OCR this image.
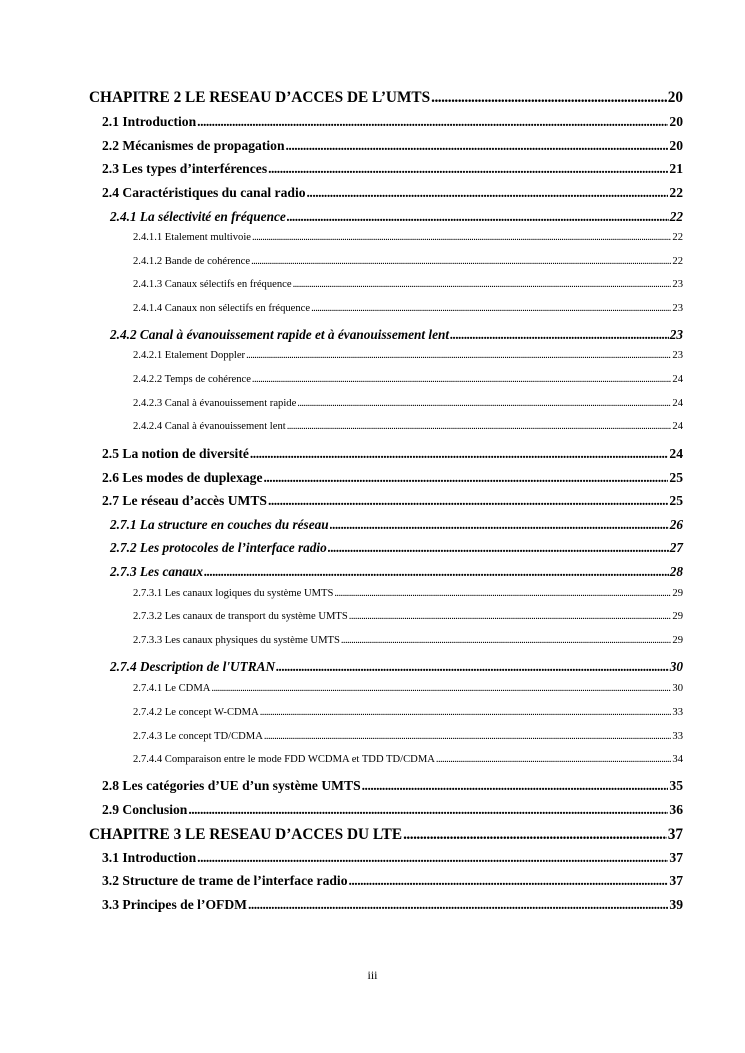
CHAPITRE 2 LE RESEAU D’ACCES DE L’UMTS .....	20
2.1 Introduction .....	20
2.2 Mécanismes de propagation .....	20
2.3 Les types d’interférences .....	21
2.4 Caractéristiques du canal radio .....	22
2.4.1 La sélectivité en fréquence .....	22
2.4.1.1 Etalement multivoie .....	22
2.4.1.2 Bande de cohérence .....	22
2.4.1.3 Canaux sélectifs en fréquence .....	23
2.4.1.4 Canaux non sélectifs en fréquence .....	23
2.4.2 Canal à évanouissement rapide et à évanouissement lent .....	23
2.4.2.1 Etalement Doppler .....	23
2.4.2.2 Temps de cohérence .....	24
2.4.2.3 Canal à évanouissement rapide .....	24
2.4.2.4 Canal à évanouissement lent .....	24
2.5 La notion de diversité .....	24
2.6 Les modes de duplexage .....	25
2.7 Le réseau d’accès UMTS .....	25
2.7.1 La structure en couches du réseau .....	26
2.7.2 Les protocoles de l’interface radio .....	27
2.7.3 Les canaux .....	28
2.7.3.1 Les canaux logiques du système UMTS .....	29
2.7.3.2 Les canaux de transport du système UMTS .....	29
2.7.3.3 Les canaux physiques du système UMTS .....	29
2.7.4 Description de l'UTRAN .....	30
2.7.4.1 Le CDMA .....	30
2.7.4.2 Le concept W-CDMA .....	33
2.7.4.3 Le concept TD/CDMA .....	33
2.7.4.4 Comparaison entre le mode FDD WCDMA et TDD TD/CDMA .....	34
2.8 Les catégories d’UE d’un système UMTS .....	35
2.9 Conclusion .....	36
CHAPITRE 3 LE RESEAU D’ACCES DU LTE .....	37
3.1 Introduction .....	37
3.2 Structure de trame de l’interface radio .....	37
3.3 Principes de l’OFDM .....	39
iii
